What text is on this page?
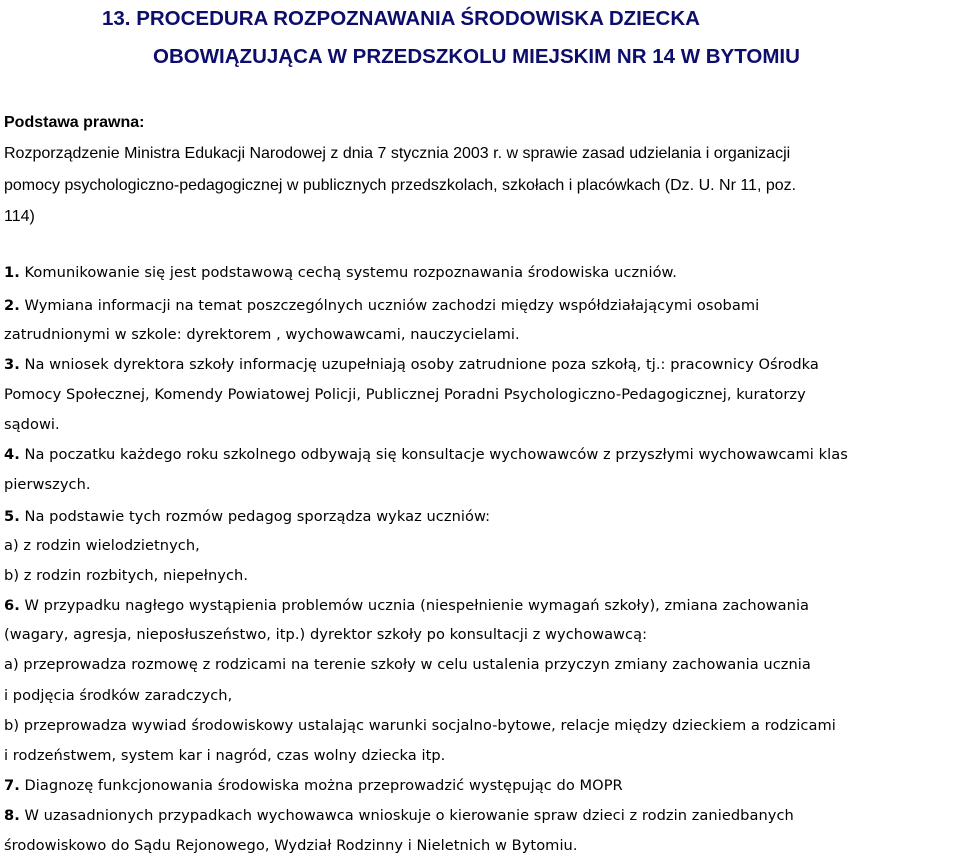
13. PROCEDURA ROZPOZNAWANIA ŚRODOWISKA DZIECKA
OBOWIĄZUJĄCA W PRZEDSZKOLU MIEJSKIM NR 14 W BYTOMIU
Podstawa prawna:
Rozporządzenie Ministra Edukacji Narodowej z dnia 7 stycznia 2003 r. w sprawie zasad udzielania i organizacji
pomocy psychologiczno-pedagogicznej w publicznych przedszkolach, szkołach i placówkach (Dz. U. Nr 11, poz.
114)
1. Komunikowanie się jest podstawową cechą systemu rozpoznawania środowiska uczniów.
2. Wymiana informacji na temat poszczególnych uczniów zachodzi między współdziałającymi osobami
zatrudnionymi w szkole: dyrektorem , wychowawcami, nauczycielami.
3. Na wniosek dyrektora szkoły informację uzupełniają osoby zatrudnione poza szkołą, tj.: pracownicy Ośrodka
Pomocy Społecznej, Komendy Powiatowej Policji, Publicznej Poradni Psychologiczno-Pedagogicznej, kuratorzy
sądowi.
4. Na poczatku każdego roku szkolnego odbywają się konsultacje wychowawców z przyszłymi wychowawcami klas
pierwszych.
5. Na podstawie tych rozmów pedagog sporządza wykaz uczniów:
a) z rodzin wielodzietnych,
b) z rodzin rozbitych, niepełnych.
6. W przypadku nagłego wystąpienia problemów ucznia (niespełnienie wymagań szkoły), zmiana zachowania
(wagary, agresja, nieposłuszeństwo, itp.) dyrektor szkoły po konsultacji z wychowawcą:
a) przeprowadza rozmowę z rodzicami na terenie szkoły w celu ustalenia przyczyn zmiany zachowania ucznia
i podjęcia środków zaradczych,
b) przeprowadza wywiad środowiskowy ustalając warunki socjalno-bytowe, relacje między dzieckiem a rodzicami
i rodzeństwem, system kar i nagród, czas wolny dziecka itp.
7. Diagnozę funkcjonowania środowiska można przeprowadzić występując do MOPR
8. W uzasadnionych przypadkach wychowawca wnioskuje o kierowanie spraw dzieci z rodzin zaniedbanych
środowiskowo do Sądu Rejonowego, Wydział Rodzinny i Nieletnich w Bytomiu.
